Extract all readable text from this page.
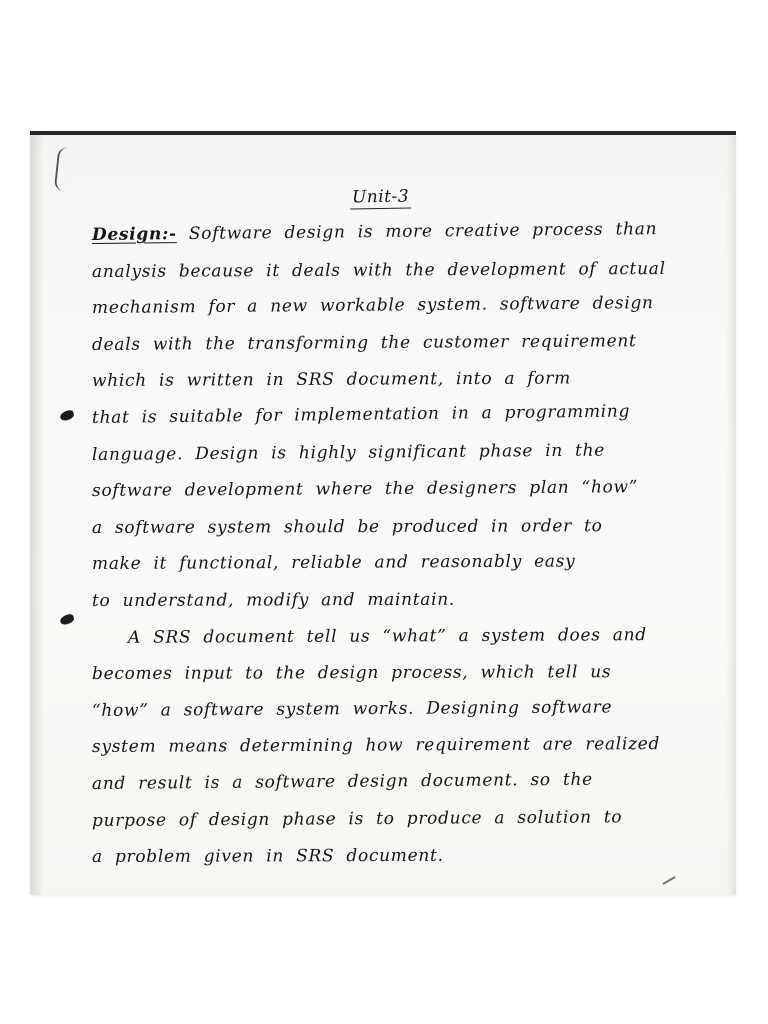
Unit-3
Design:- Software design is more creative process than
analysis because it deals with the development of actual
mechanism for a new workable system. software design
deals with the transforming the customer requirement
which is written in SRS document, into a form
that is suitable for implementation in a programming
language. Design is highly significant phase in the
software development where the designers plan “how”
a software system should be produced in order to
make it functional, reliable and reasonably easy
to understand, modify and maintain.
A SRS document tell us “what” a system does and
becomes input to the design process, which tell us
“how” a software system works. Designing software
system means determining how requirement are realized
and result is a software design document. so the
purpose of design phase is to produce a solution to
a problem given in SRS document.
